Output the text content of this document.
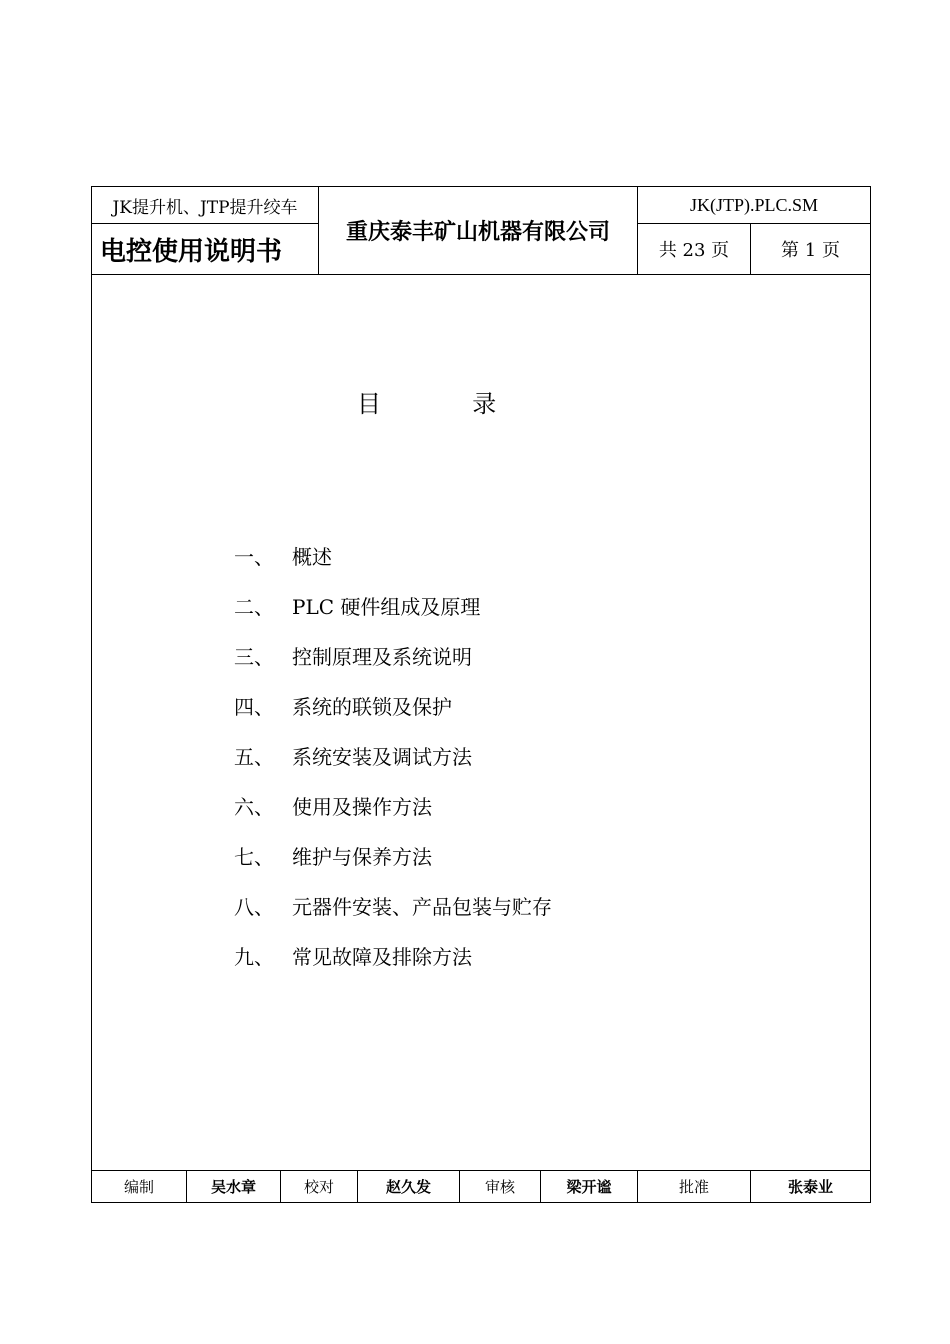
JK提升机、JTP提升绞车
电控使用说明书
重庆泰丰矿山机器有限公司
JK(JTP).PLC.SM
共 23 页	第 1 页
编制	吴水章	校对	赵久发	审核	梁开谧	批准	张泰业
目	录
一、 概述
二、 PLC 硬件组成及原理
三、 控制原理及系统说明
四、 系统的联锁及保护
五、 系统安装及调试方法
六、 使用及操作方法
七、 维护与保养方法
八、 元器件安装、产品包装与贮存
九、 常见故障及排除方法
